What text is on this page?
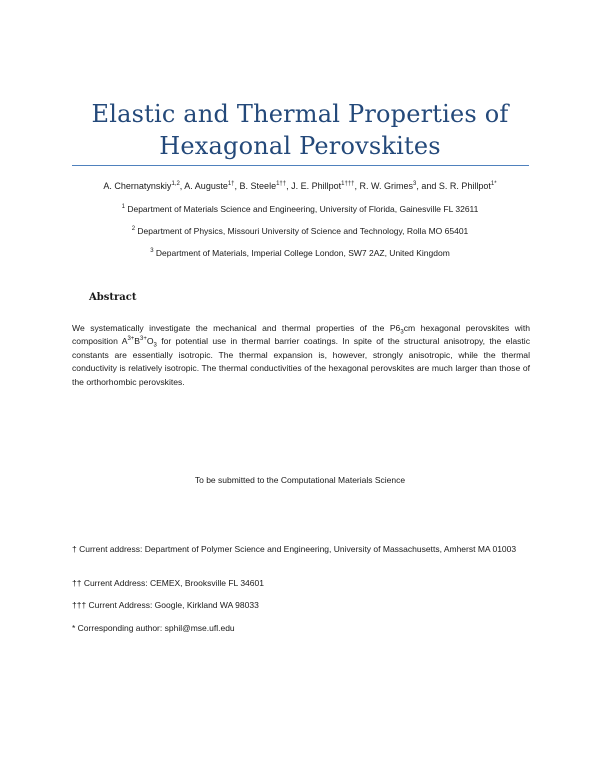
Elastic and Thermal Properties of
Hexagonal Perovskites
A. Chernatynskiy$^{1,2}$, A. Auguste$^{1\dagger}$, B. Steele$^{1\dagger\dagger}$, J. E. Phillpot$^{1\dagger\dagger\dagger}$, R. W. Grimes$^3$, and S. R. Phillpot$^{1*}$
$^1$ Department of Materials Science and Engineering, University of Florida, Gainesville FL 32611
$^2$ Department of Physics, Missouri University of Science and Technology, Rolla MO 65401
$^3$ Department of Materials, Imperial College London, SW7 2AZ, United Kingdom
Abstract
We systematically investigate the mechanical and thermal properties of the $P6_3cm$ hexagonal perovskites with composition $A^{3+}B^{3+}O_3$ for potential use in thermal barrier coatings. In spite of the structural anisotropy, the elastic constants are essentially isotropic. The thermal expansion is, however, strongly anisotropic, while the thermal conductivity is relatively isotropic. The thermal conductivities of the hexagonal perovskites are much larger than those of the orthorhombic perovskites.
To be submitted to the Computational Materials Science
† Current address: Department of Polymer Science and Engineering, University of Massachusetts, Amherst MA 01003
†† Current Address: CEMEX, Brooksville FL 34601
††† Current Address: Google, Kirkland WA 98033
* Corresponding author: sphil@mse.ufl.edu
